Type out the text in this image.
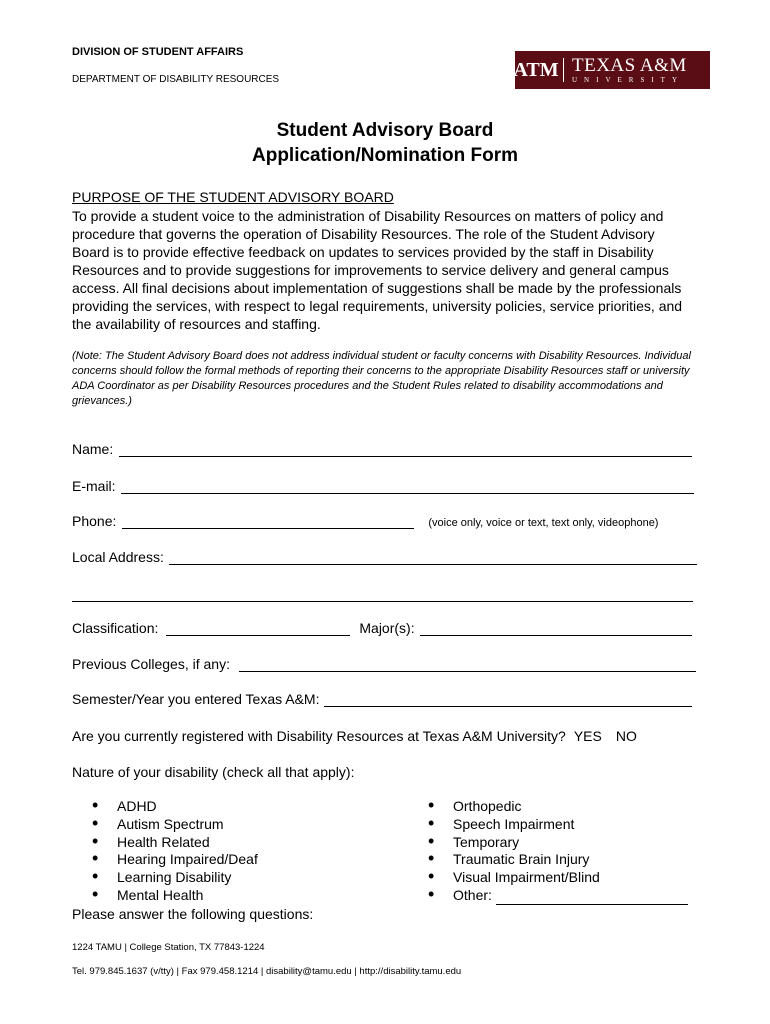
DIVISION OF STUDENT AFFAIRS
DEPARTMENT OF DISABILITY RESOURCES	ATM TEXAS A&M
UNIVERSITY
Student Advisory Board
Application/Nomination Form
PURPOSE OF THE STUDENT ADVISORY BOARD
To provide a student voice to the administration of Disability Resources on matters of policy and procedure that governs the operation of Disability Resources. The role of the Student Advisory Board is to provide effective feedback on updates to services provided by the staff in Disability Resources and to provide suggestions for improvements to service delivery and general campus access. All final decisions about implementation of suggestions shall be made by the professionals providing the services, with respect to legal requirements, university policies, service priorities, and the availability of resources and staffing.
(Note: The Student Advisory Board does not address individual student or faculty concerns with Disability Resources. Individual concerns should follow the formal methods of reporting their concerns to the appropriate Disability Resources staff or university ADA Coordinator as per Disability Resources procedures and the Student Rules related to disability accommodations and grievances.)
Name:
E-mail:
Phone:	(voice only, voice or text, text only, videophone)
Local Address:
Classification:	Major(s):
Previous Colleges, if any:
Semester/Year you entered Texas A&M:
Are you currently registered with Disability Resources at Texas A&M University? YES NO
Nature of your disability (check all that apply):
• ADHD
• Autism Spectrum
• Health Related
• Hearing Impaired/Deaf
• Learning Disability
• Mental Health
• Orthopedic
• Speech Impairment
• Temporary
• Traumatic Brain Injury
• Visual Impairment/Blind
• Other:
Please answer the following questions:
1224 TAMU | College Station, TX 77843-1224
Tel. 979.845.1637 (v/tty) | Fax 979.458.1214 | disability@tamu.edu | http://disability.tamu.edu
